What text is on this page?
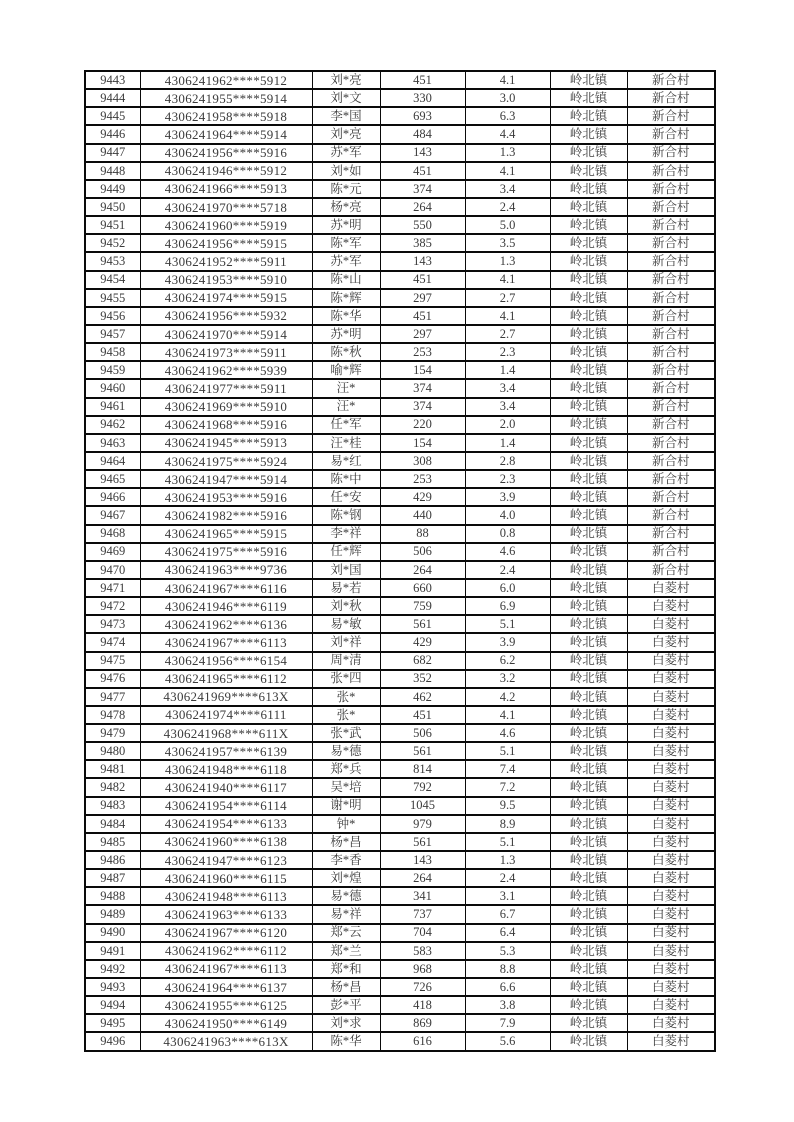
9443	4306241962****5912	刘*亮	451	4.1	岭北镇	新合村
9444	4306241955****5914	刘*文	330	3.0	岭北镇	新合村
9445	4306241958****5918	李*国	693	6.3	岭北镇	新合村
9446	4306241964****5914	刘*亮	484	4.4	岭北镇	新合村
9447	4306241956****5916	苏*军	143	1.3	岭北镇	新合村
9448	4306241946****5912	刘*如	451	4.1	岭北镇	新合村
9449	4306241966****5913	陈*元	374	3.4	岭北镇	新合村
9450	4306241970****5718	杨*亮	264	2.4	岭北镇	新合村
9451	4306241960****5919	苏*明	550	5.0	岭北镇	新合村
9452	4306241956****5915	陈*军	385	3.5	岭北镇	新合村
9453	4306241952****5911	苏*军	143	1.3	岭北镇	新合村
9454	4306241953****5910	陈*山	451	4.1	岭北镇	新合村
9455	4306241974****5915	陈*辉	297	2.7	岭北镇	新合村
9456	4306241956****5932	陈*华	451	4.1	岭北镇	新合村
9457	4306241970****5914	苏*明	297	2.7	岭北镇	新合村
9458	4306241973****5911	陈*秋	253	2.3	岭北镇	新合村
9459	4306241962****5939	喻*辉	154	1.4	岭北镇	新合村
9460	4306241977****5911	汪*	374	3.4	岭北镇	新合村
9461	4306241969****5910	汪*	374	3.4	岭北镇	新合村
9462	4306241968****5916	任*军	220	2.0	岭北镇	新合村
9463	4306241945****5913	汪*桂	154	1.4	岭北镇	新合村
9464	4306241975****5924	易*红	308	2.8	岭北镇	新合村
9465	4306241947****5914	陈*中	253	2.3	岭北镇	新合村
9466	4306241953****5916	任*安	429	3.9	岭北镇	新合村
9467	4306241982****5916	陈*钢	440	4.0	岭北镇	新合村
9468	4306241965****5915	李*祥	88	0.8	岭北镇	新合村
9469	4306241975****5916	任*辉	506	4.6	岭北镇	新合村
9470	4306241963****9736	刘*国	264	2.4	岭北镇	新合村
9471	4306241967****6116	易*若	660	6.0	岭北镇	白菱村
9472	4306241946****6119	刘*秋	759	6.9	岭北镇	白菱村
9473	4306241962****6136	易*敏	561	5.1	岭北镇	白菱村
9474	4306241967****6113	刘*祥	429	3.9	岭北镇	白菱村
9475	4306241956****6154	周*清	682	6.2	岭北镇	白菱村
9476	4306241965****6112	张*四	352	3.2	岭北镇	白菱村
9477	4306241969****613X	张*	462	4.2	岭北镇	白菱村
9478	4306241974****6111	张*	451	4.1	岭北镇	白菱村
9479	4306241968****611X	张*武	506	4.6	岭北镇	白菱村
9480	4306241957****6139	易*德	561	5.1	岭北镇	白菱村
9481	4306241948****6118	郑*兵	814	7.4	岭北镇	白菱村
9482	4306241940****6117	吴*培	792	7.2	岭北镇	白菱村
9483	4306241954****6114	谢*明	1045	9.5	岭北镇	白菱村
9484	4306241954****6133	钟*	979	8.9	岭北镇	白菱村
9485	4306241960****6138	杨*昌	561	5.1	岭北镇	白菱村
9486	4306241947****6123	李*香	143	1.3	岭北镇	白菱村
9487	4306241960****6115	刘*煌	264	2.4	岭北镇	白菱村
9488	4306241948****6113	易*德	341	3.1	岭北镇	白菱村
9489	4306241963****6133	易*祥	737	6.7	岭北镇	白菱村
9490	4306241967****6120	郑*云	704	6.4	岭北镇	白菱村
9491	4306241962****6112	郑*兰	583	5.3	岭北镇	白菱村
9492	4306241967****6113	郑*和	968	8.8	岭北镇	白菱村
9493	4306241964****6137	杨*昌	726	6.6	岭北镇	白菱村
9494	4306241955****6125	彭*平	418	3.8	岭北镇	白菱村
9495	4306241950****6149	刘*求	869	7.9	岭北镇	白菱村
9496	4306241963****613X	陈*华	616	5.6	岭北镇	白菱村
